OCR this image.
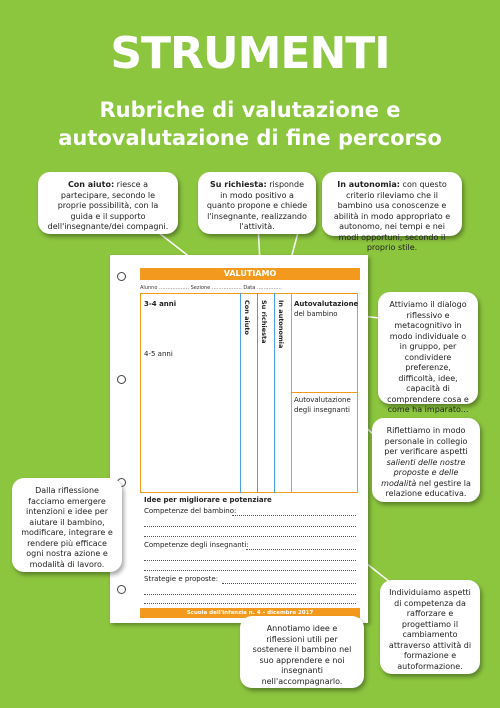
STRUMENTI
Rubriche di valutazione e
autovalutazione di fine percorso
VALUTIAMO
Alunno ……………… Sezione ……………… Data ……………
Con aiuto Su richiesta In autonomia
3-4 anni
4-5 anni
Autovalutazione
del bambino
Autovalutazione
degli insegnanti
Idee per migliorare e potenziare
Competenze del bambino:
Competenze degli insegnanti:
Strategie e proposte:
Scuola dell'infanzia n. 4 – dicembre 2017
Con aiuto: riesce a partecipare, secondo le proprie possibilità, con la guida e il supporto dell'insegnante/dei compagni.
Su richiesta: risponde in modo positivo a quanto propone e chiede l'insegnante, realizzando l'attività.
In autonomia: con questo criterio rileviamo che il bambino usa conoscenze e abilità in modo appropriato e autonomo, nei tempi e nei modi opportuni, secondo il proprio stile.
Attiviamo il dialogo riflessivo e metacognitivo in modo individuale o in gruppo, per condividere preferenze, difficoltà, idee, capacità di comprendere cosa e come ha imparato...
Riflettiamo in modo personale in collegio per verificare aspetti salienti delle nostre proposte e delle modalità nel gestire la relazione educativa.
Dalla riflessione facciamo emergere intenzioni e idee per aiutare il bambino, modificare, integrare e rendere più efficace ogni nostra azione e modalità di lavoro.
Individuiamo aspetti di competenza da rafforzare e progettiamo il cambiamento attraverso attività di formazione e autoformazione.
Annotiamo idee e riflessioni utili per sostenere il bambino nel suo apprendere e noi insegnanti nell'accompagnarlo.
